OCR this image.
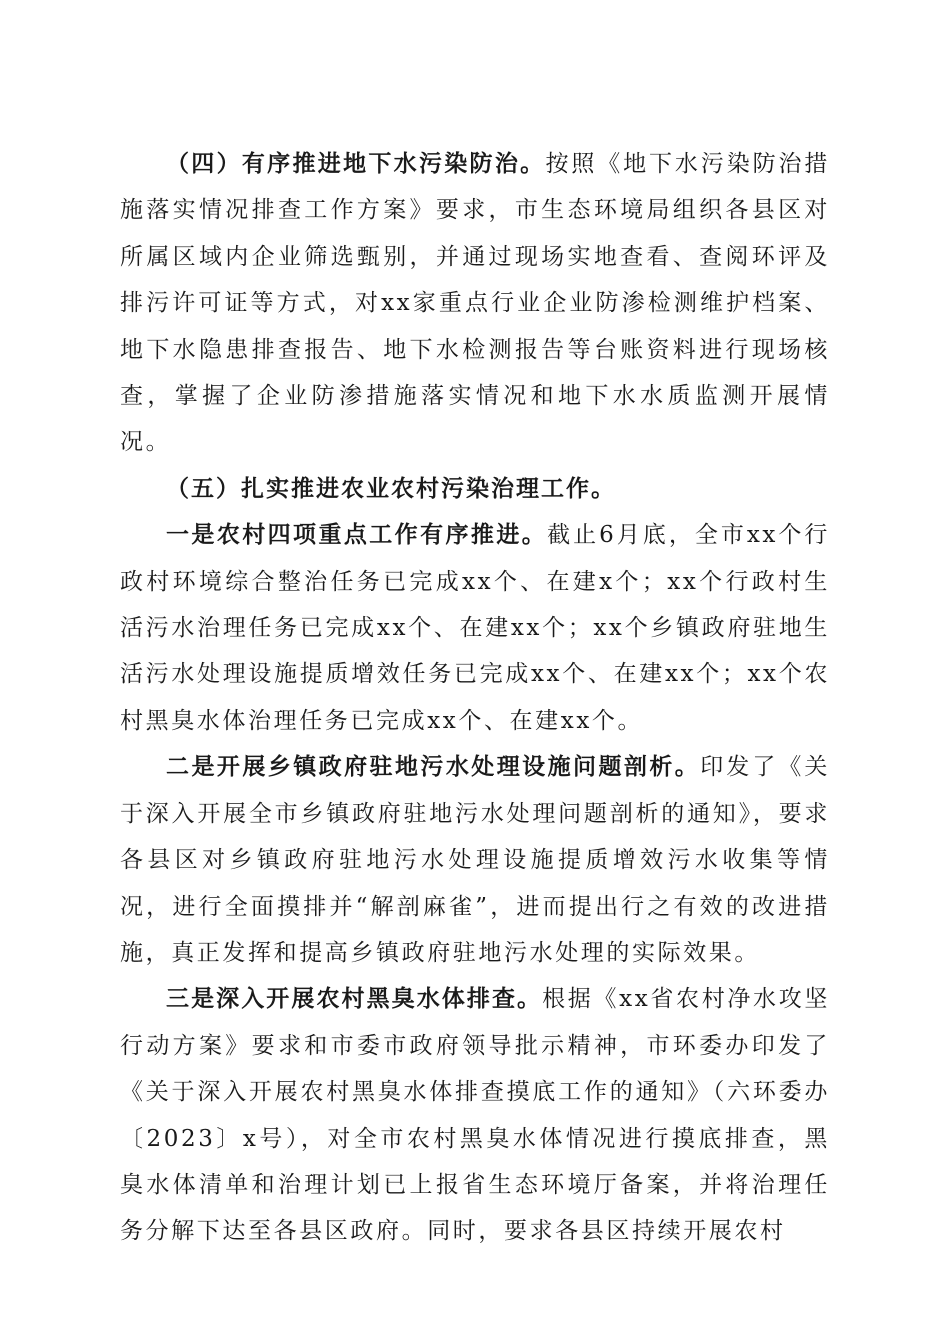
（四）有序推进地下水污染防治。按照《地下水污染防治措施落实情况排查工作方案》要求，市生态环境局组织各县区对所属区域内企业筛选甄别，并通过现场实地查看、查阅环评及排污许可证等方式，对xx家重点行业企业防渗检测维护档案、地下水隐患排查报告、地下水检测报告等台账资料进行现场核查，掌握了企业防渗措施落实情况和地下水水质监测开展情况。

（五）扎实推进农业农村污染治理工作。

一是农村四项重点工作有序推进。截止6月底，全市xx个行政村环境综合整治任务已完成xx个、在建x个；xx个行政村生活污水治理任务已完成xx个、在建xx个；xx个乡镇政府驻地生活污水处理设施提质增效任务已完成xx个、在建xx个；xx个农村黑臭水体治理任务已完成xx个、在建xx个。

二是开展乡镇政府驻地污水处理设施问题剖析。印发了《关于深入开展全市乡镇政府驻地污水处理问题剖析的通知》，要求各县区对乡镇政府驻地污水处理设施提质增效污水收集等情况，进行全面摸排并“解剖麻雀”，进而提出行之有效的改进措施，真正发挥和提高乡镇政府驻地污水处理的实际效果。

三是深入开展农村黑臭水体排查。根据《xx省农村净水攻坚行动方案》要求和市委市政府领导批示精神，市环委办印发了《关于深入开展农村黑臭水体排查摸底工作的通知》（六环委办〔2023〕x号），对全市农村黑臭水体情况进行摸底排查，黑臭水体清单和治理计划已上报省生态环境厅备案，并将治理任务分解下达至各县区政府。同时，要求各县区持续开展农村
